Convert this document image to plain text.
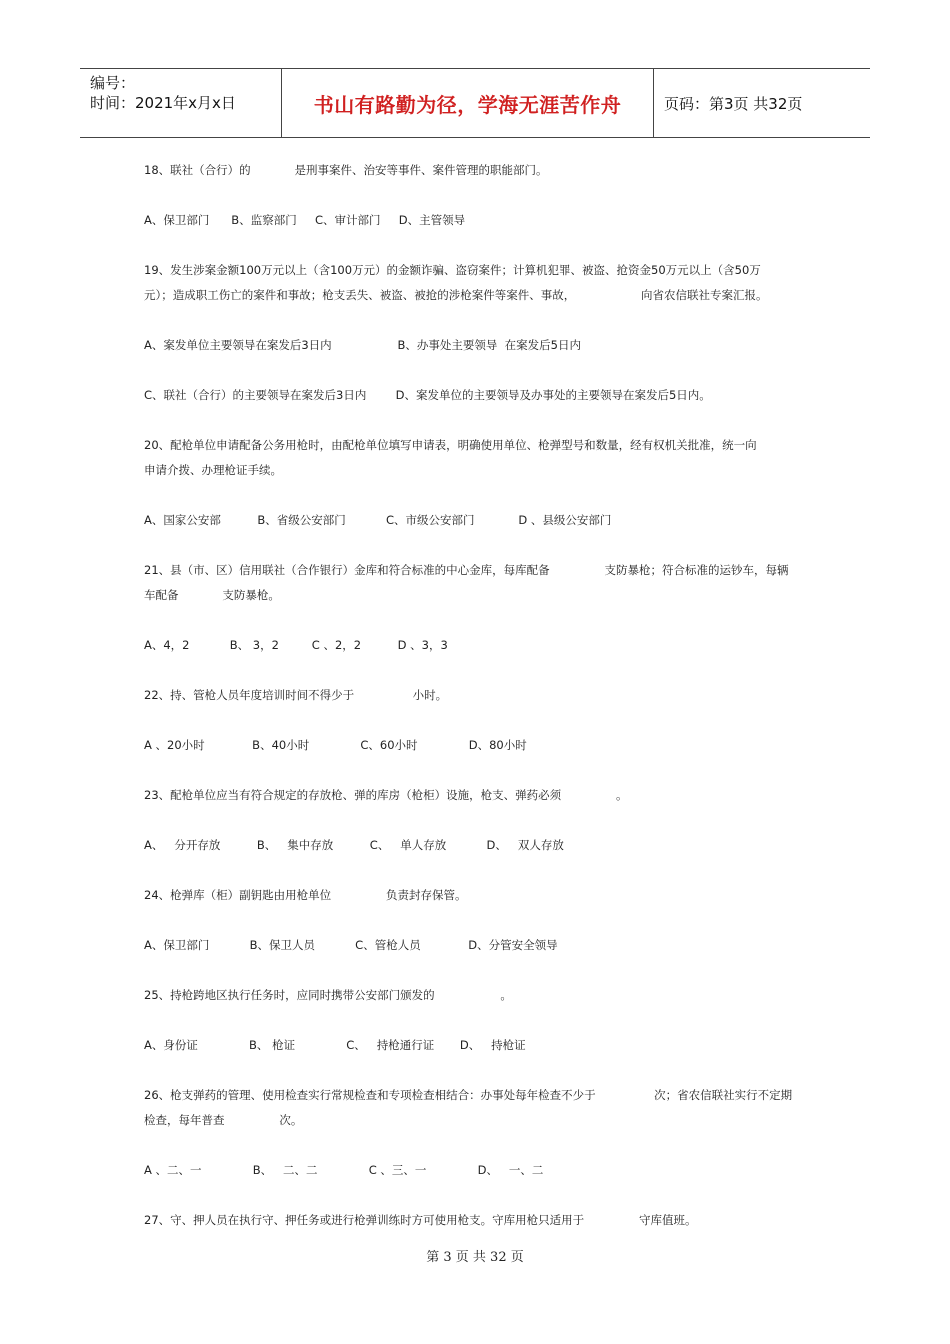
编号：
时间：2021年x月x日	书山有路勤为径，学海无涯苦作舟	页码：第3页 共32页
18、联社（合行）的            是刑事案件、治安等事件、案件管理的职能部门。
A、保卫部门      B、监察部门     C、审计部门     D、主管领导
19、发生涉案金额100万元以上（含100万元）的金额诈骗、盗窃案件；计算机犯罪、被盗、抢资金50万元以上（含50万
元）；造成职工伤亡的案件和事故；枪支丢失、被盗、被抢的涉枪案件等案件、事故，                  向省农信联社专案汇报。
A、案发单位主要领导在案发后3日内                  B、办事处主要领导  在案发后5日内
C、联社（合行）的主要领导在案发后3日内        D、案发单位的主要领导及办事处的主要领导在案发后5日内。
20、配枪单位申请配备公务用枪时，由配枪单位填写申请表，明确使用单位、枪弹型号和数量，经有权机关批准，统一向
申请介拨、办理枪证手续。
A、国家公安部          B、省级公安部门           C、市级公安部门            D 、县级公安部门
21、县（市、区）信用联社（合作银行）金库和符合标准的中心金库，每库配备               支防暴枪；符合标准的运钞车，每辆
车配备            支防暴枪。
A、4，2           B、 3，2         C 、2，2          D 、3，3
22、持、管枪人员年度培训时间不得少于                小时。
A 、20小时             B、40小时              C、60小时              D、80小时
23、配枪单位应当有符合规定的存放枪、弹的库房（枪柜）设施，枪支、弹药必须               。
A、   分开存放          B、   集中存放          C、   单人存放           D、   双人存放
24、枪弹库（柜）副钥匙由用枪单位               负责封存保管。
A、保卫部门           B、保卫人员           C、管枪人员             D、分管安全领导
25、持枪跨地区执行任务时，应同时携带公安部门颁发的                  。
A、身份证              B、 枪证              C、   持枪通行证       D、   持枪证
26、枪支弹药的管理、使用检查实行常规检查和专项检查相结合：办事处每年检查不少于                次；省农信联社实行不定期
检查，每年普查               次。
A 、二、一              B、   二、二              C 、三、一              D、   一、二
27、守、押人员在执行守、押任务或进行枪弹训练时方可使用枪支。守库用枪只适用于               守库值班。
第 3 页 共 32 页
